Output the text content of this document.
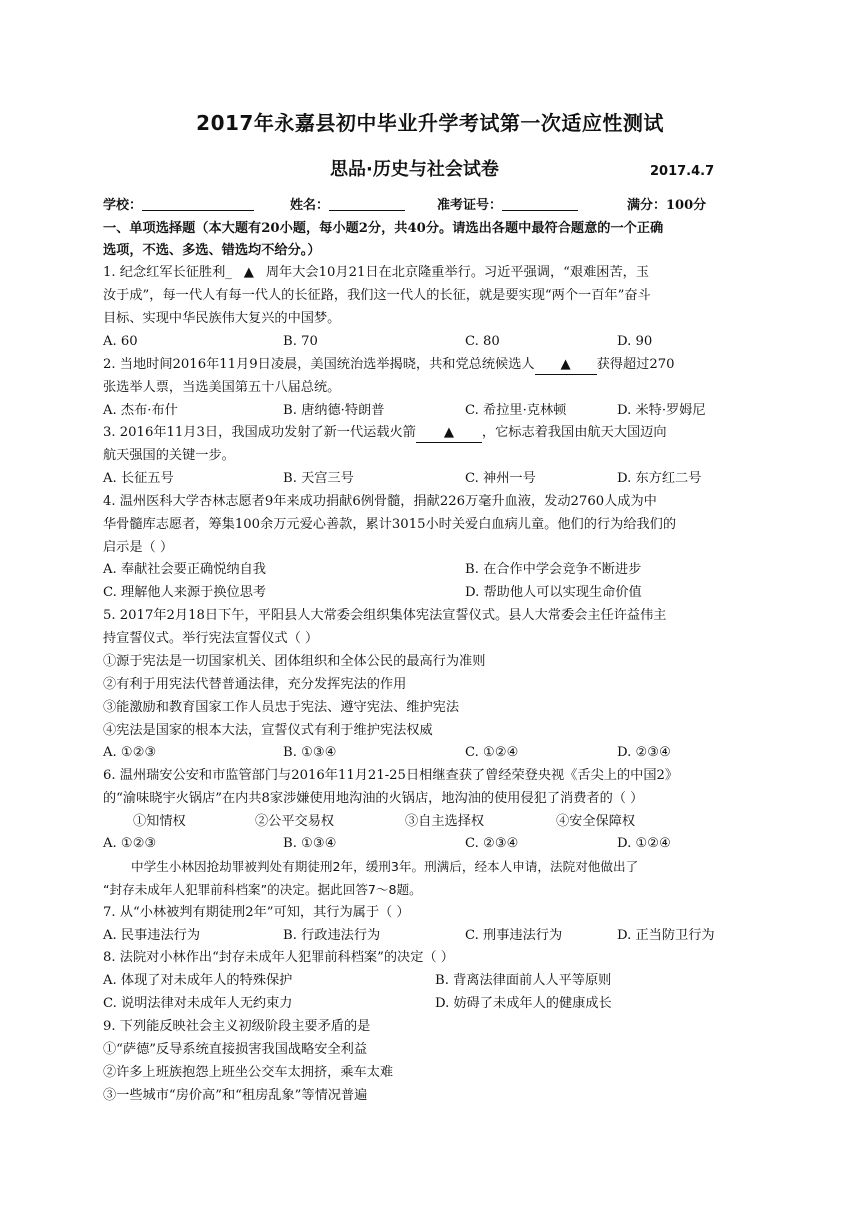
2017年永嘉县初中毕业升学考试第一次适应性测试
思品·历史与社会试卷	2017.4.7
学校：	姓名：	准考证号：	满分：100分
一、单项选择题（本大题有20小题，每小题2分，共40分。请选出各题中最符合题意的一个正确
选项，不选、多选、错选均不给分。）
1. 纪念红军长征胜利_ ▲ 周年大会10月21日在北京隆重举行。习近平强调，“艰难困苦，玉
汝于成”，每一代人有每一代人的长征路，我们这一代人的长征，就是要实现“两个一百年”奋斗
目标、实现中华民族伟大复兴的中国梦。
A. 60	B. 70	C. 80	D. 90
2. 当地时间2016年11月9日凌晨，美国统治选举揭晓，共和党总统候选人 ▲ 获得超过270
张选举人票，当选美国第五十八届总统。
A. 杰布·布什	B. 唐纳德·特朗普	C. 希拉里·克林顿	D. 米特·罗姆尼
3. 2016年11月3日，我国成功发射了新一代运载火箭 ▲ ，它标志着我国由航天大国迈向
航天强国的关键一步。
A. 长征五号	B. 天宫三号	C. 神州一号	D. 东方红二号
4. 温州医科大学杏林志愿者9年来成功捐献6例骨髓，捐献226万毫升血液，发动2760人成为中
华骨髓库志愿者，筹集100余万元爱心善款，累计3015小时关爱白血病儿童。他们的行为给我们的
启示是（ ）
A. 奉献社会要正确悦纳自我	B. 在合作中学会竞争不断进步
C. 理解他人来源于换位思考	D. 帮助他人可以实现生命价值
5. 2017年2月18日下午，平阳县人大常委会组织集体宪法宣誓仪式。县人大常委会主任许益伟主
持宣誓仪式。举行宪法宣誓仪式（ ）
①源于宪法是一切国家机关、团体组织和全体公民的最高行为准则
②有利于用宪法代替普通法律，充分发挥宪法的作用
③能激励和教育国家工作人员忠于宪法、遵守宪法、维护宪法
④宪法是国家的根本大法，宣誓仪式有利于维护宪法权威
A. ①②③	B. ①③④	C. ①②④	D. ②③④
6. 温州瑞安公安和市监管部门与2016年11月21-25日相继查获了曾经荣登央视《舌尖上的中国2》
的“渝味晓宇火锅店”在内共8家涉嫌使用地沟油的火锅店，地沟油的使用侵犯了消费者的（ ）
①知情权	②公平交易权	③自主选择权	④安全保障权
A. ①②③	B. ①③④	C. ②③④	D. ①②④
中学生小林因抢劫罪被判处有期徒刑2年，缓刑3年。刑满后，经本人申请，法院对他做出了
“封存未成年人犯罪前科档案”的决定。据此回答7～8题。
7. 从“小林被判有期徒刑2年”可知，其行为属于（ ）
A. 民事违法行为	B. 行政违法行为	C. 刑事违法行为	D. 正当防卫行为
8. 法院对小林作出“封存未成年人犯罪前科档案”的决定（ ）
A. 体现了对未成年人的特殊保护	B. 背离法律面前人人平等原则
C. 说明法律对未成年人无约束力	D. 妨碍了未成年人的健康成长
9. 下列能反映社会主义初级阶段主要矛盾的是
①“萨德”反导系统直接损害我国战略安全利益
②许多上班族抱怨上班坐公交车太拥挤，乘车太难
③一些城市“房价高”和“租房乱象”等情况普遍
